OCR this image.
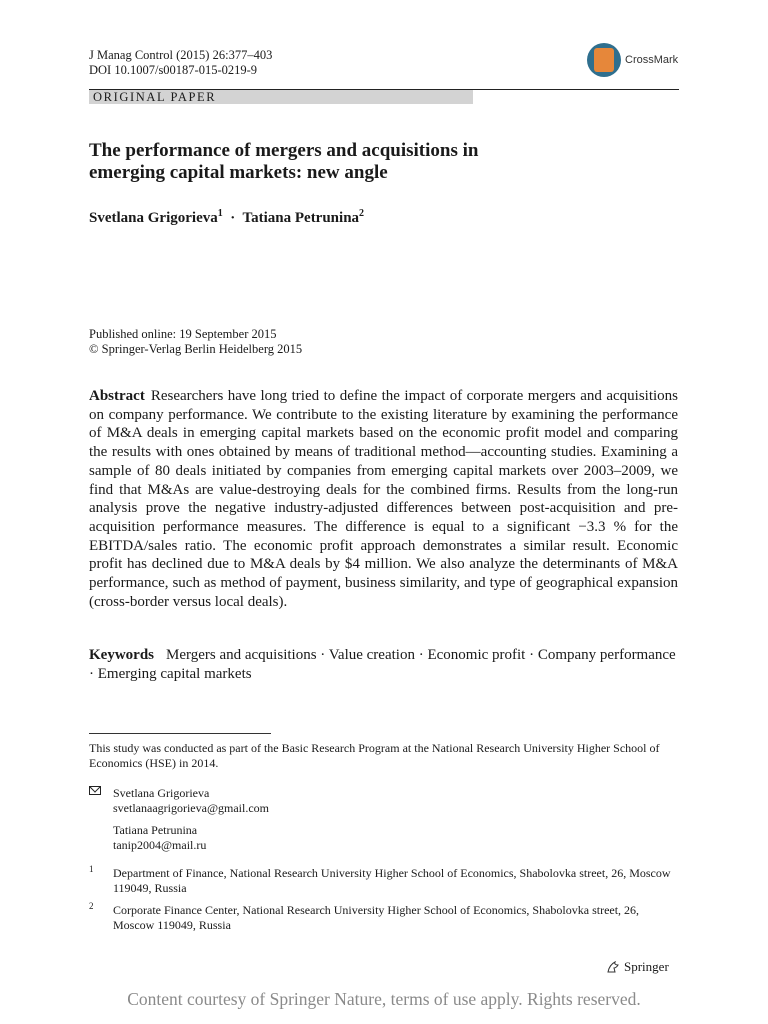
J Manag Control (2015) 26:377–403
DOI 10.1007/s00187-015-0219-9
CrossMark
ORIGINAL PAPER
The performance of mergers and acquisitions in
emerging capital markets: new angle
Svetlana Grigorieva$^1$ · Tatiana Petrunina$^2$
Published online: 19 September 2015
© Springer-Verlag Berlin Heidelberg 2015
Abstract Researchers have long tried to define the impact of corporate mergers and acquisitions on company performance. We contribute to the existing literature by examining the performance of M&A deals in emerging capital markets based on the economic profit model and comparing the results with ones obtained by means of traditional method—accounting studies. Examining a sample of 80 deals initiated by companies from emerging capital markets over 2003–2009, we find that M&As are value-destroying deals for the combined firms. Results from the long-run analysis prove the negative industry-adjusted differences between post-acquisition and pre-acquisition performance measures. The difference is equal to a significant −3.3 % for the EBITDA/sales ratio. The economic profit approach demonstrates a similar result. Economic profit has declined due to M&A deals by $4 million. We also analyze the determinants of M&A performance, such as method of payment, business similarity, and type of geographical expansion (cross-border versus local deals).
Keywords Mergers and acquisitions · Value creation · Economic profit · Company performance · Emerging capital markets
This study was conducted as part of the Basic Research Program at the National Research University Higher School of Economics (HSE) in 2014.
Svetlana Grigorieva
svetlanaagrigorieva@gmail.com
Tatiana Petrunina
tanip2004@mail.ru
1 Department of Finance, National Research University Higher School of Economics, Shabolovka street, 26, Moscow 119049, Russia
2 Corporate Finance Center, National Research University Higher School of Economics, Shabolovka street, 26, Moscow 119049, Russia
Springer
Content courtesy of Springer Nature, terms of use apply. Rights reserved.
